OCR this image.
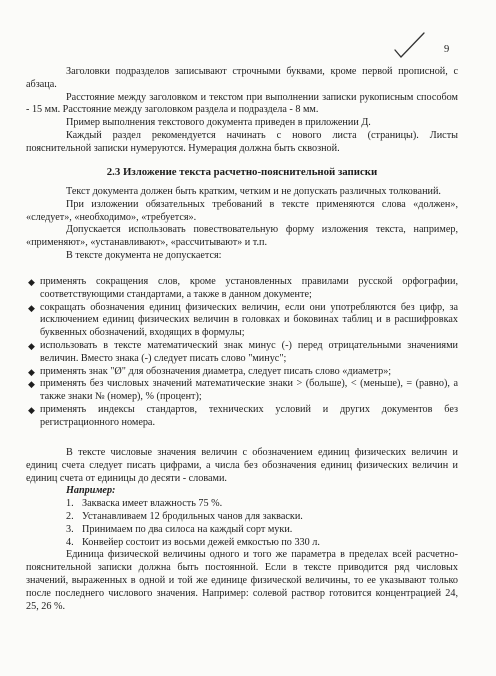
9

Заголовки подразделов записывают строчными буквами, кроме первой прописной, с абзаца.

Расстояние между заголовком и текстом при выполнении записки рукописным способом - 15 мм. Расстояние между заголовком раздела и подраздела - 8 мм.

Пример выполнения текстового документа приведен в приложении Д.

Каждый раздел рекомендуется начинать с нового листа (страницы). Листы пояснительной записки нумеруются. Нумерация должна быть сквозной.

2.3 Изложение текста расчетно-пояснительной записки

Текст документа должен быть кратким, четким и не допускать различных толкований.

При изложении обязательных требований в тексте применяются слова «должен», «следует», «необходимо», «требуется».

Допускается использовать повествовательную форму изложения текста, например, «применяют», «устанавливают», «рассчитывают» и т.п.

В тексте документа не допускается:

◆ применять сокращения слов, кроме установленных правилами русской орфографии, соответствующими стандартами, а также в данном документе;
◆ сокращать обозначения единиц физических величин, если они употребляются без цифр, за исключением единиц физических величин в головках и боковинах таблиц и в расшифровках буквенных обозначений, входящих в формулы;
◆ использовать в тексте математический знак минус (-) перед отрицательными значениями величин. Вместо знака (-) следует писать слово "минус";
◆ применять знак "Ø" для обозначения диаметра, следует писать слово «диаметр»;
◆ применять без числовых значений математические знаки > (больше), < (меньше), = (равно), а также знаки № (номер), % (процент);
◆ применять индексы стандартов, технических условий и других документов без регистрационного номера.

В тексте числовые значения величин с обозначением единиц физических величин и единиц счета следует писать цифрами, а числа без обозначения единиц физических величин и единиц счета от единицы до десяти - словами.

Например:
1. Закваска имеет влажность 75 %.
2. Устанавливаем 12 бродильных чанов для закваски.
3. Принимаем по два силоса на каждый сорт муки.
4. Конвейер состоит из восьми дежей емкостью по 330 л.

Единица физической величины одного и того же параметра в пределах всей расчетно-пояснительной записки должна быть постоянной. Если в тексте приводится ряд числовых значений, выраженных в одной и той же единице физической величины, то ее указывают только после последнего числового значения. Например: солевой раствор готовится концентрацией 24, 25, 26 %.
